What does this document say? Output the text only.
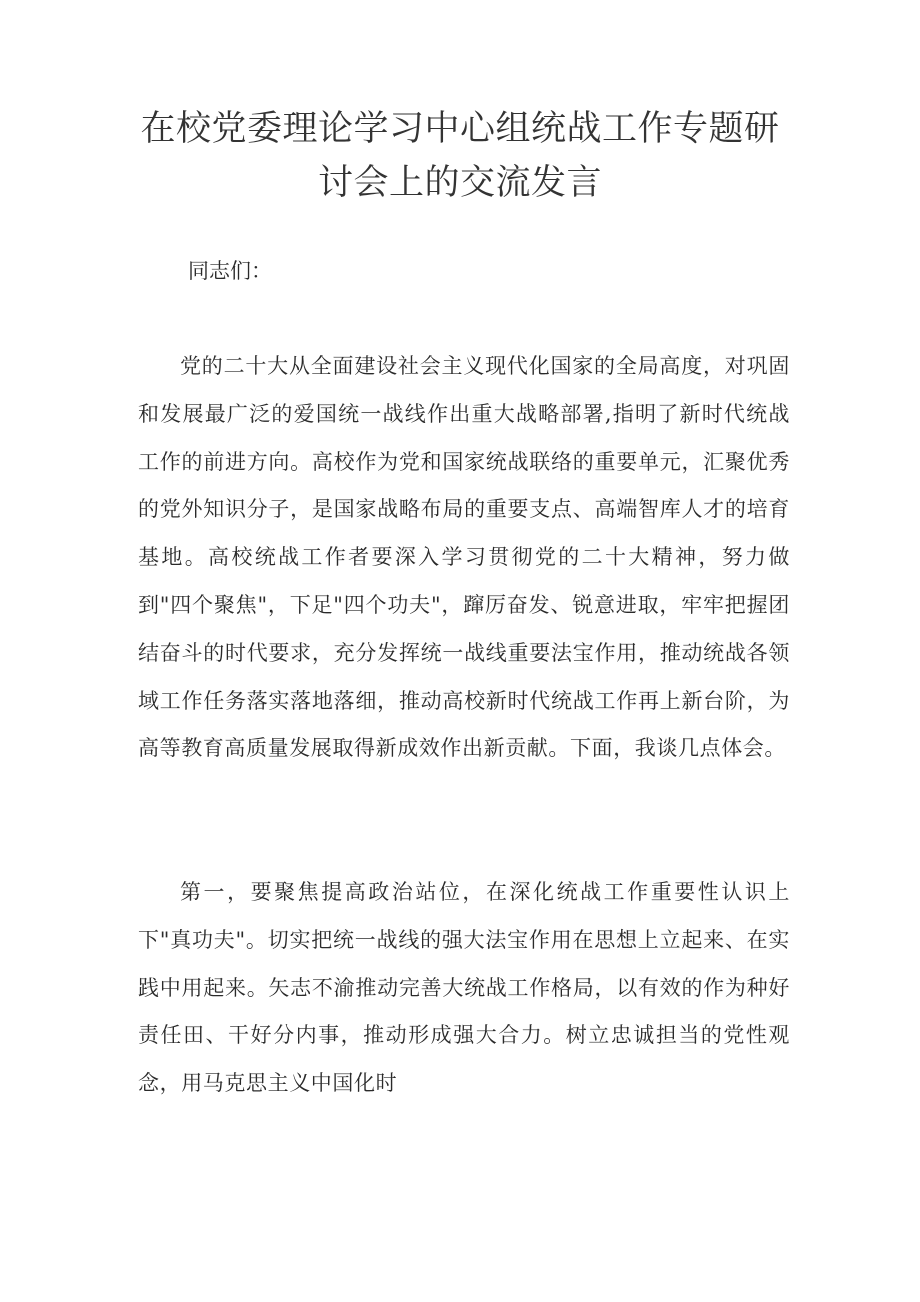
在校党委理论学习中心组统战工作专题研
讨会上的交流发言

同志们：

党的二十大从全面建设社会主义现代化国家的全局高度，对巩固和发展最广泛的爱国统一战线作出重大战略部署,指明了新时代统战工作的前进方向。高校作为党和国家统战联络的重要单元，汇聚优秀的党外知识分子，是国家战略布局的重要支点、高端智库人才的培育基地。高校统战工作者要深入学习贯彻党的二十大精神，努力做到"四个聚焦"，下足"四个功夫"，蹿厉奋发、锐意进取，牢牢把握团结奋斗的时代要求，充分发挥统一战线重要法宝作用，推动统战各领域工作任务落实落地落细，推动高校新时代统战工作再上新台阶，为高等教育高质量发展取得新成效作出新贡献。下面，我谈几点体会。

第一，要聚焦提高政治站位，在深化统战工作重要性认识上下"真功夫"。切实把统一战线的强大法宝作用在思想上立起来、在实践中用起来。矢志不渝推动完善大统战工作格局，以有效的作为种好责任田、干好分内事，推动形成强大合力。树立忠诚担当的党性观念，用马克思主义中国化时
